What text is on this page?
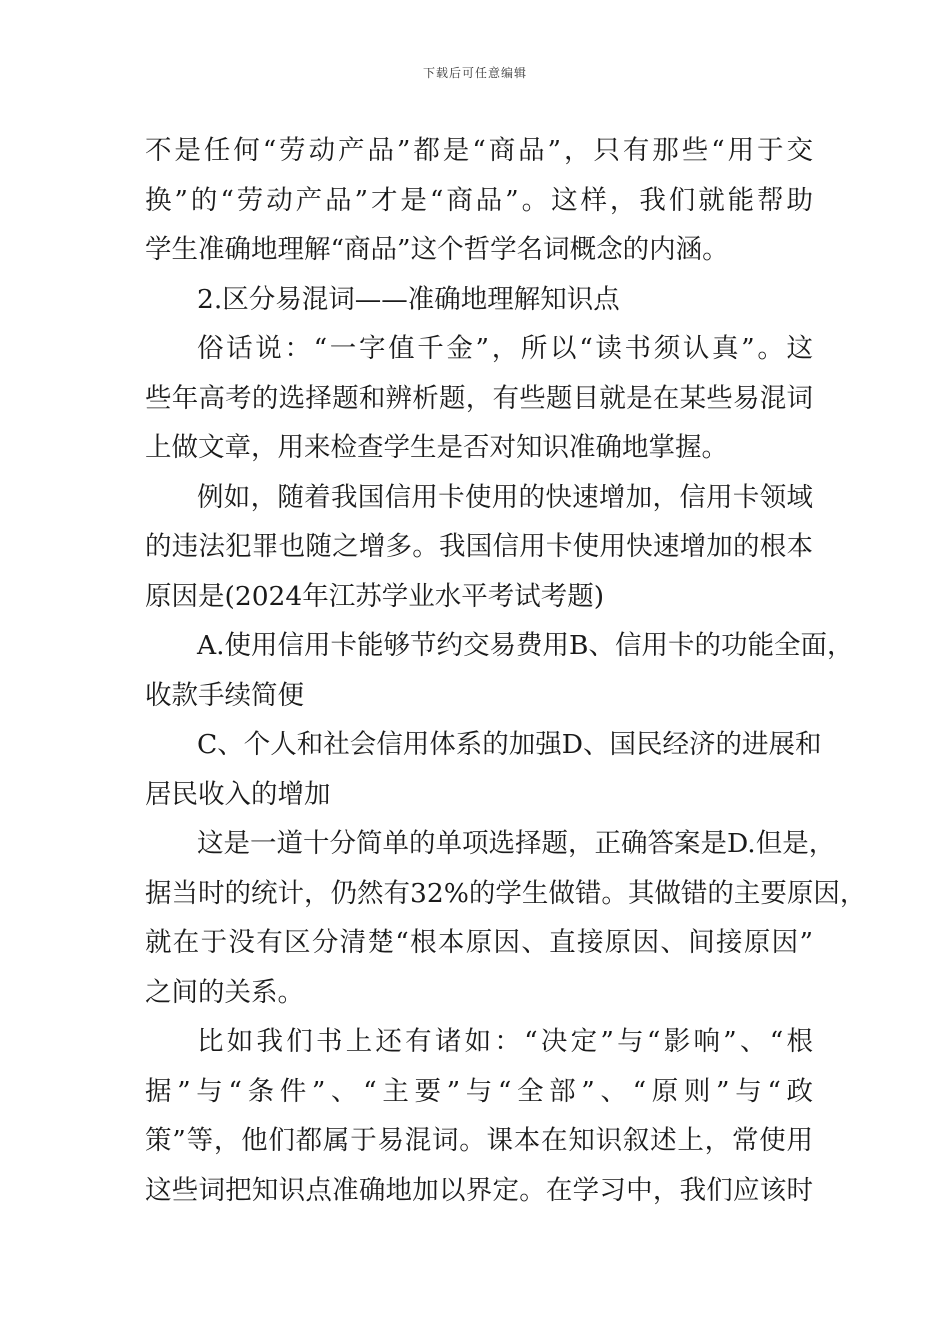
下载后可任意编辑
不是任何“劳动产品”都是“商品”，只有那些“用于交
换”的“劳动产品”才是“商品”。这样，我们就能帮助
学生准确地理解“商品”这个哲学名词概念的内涵。
2.区分易混词——准确地理解知识点
俗话说：“一字值千金”，所以“读书须认真”。这
些年高考的选择题和辨析题，有些题目就是在某些易混词
上做文章，用来检查学生是否对知识准确地掌握。
例如，随着我国信用卡使用的快速增加，信用卡领域
的违法犯罪也随之增多。我国信用卡使用快速增加的根本
原因是(2024年江苏学业水平考试考题)
A.使用信用卡能够节约交易费用B、信用卡的功能全面，
收款手续简便
C、个人和社会信用体系的加强D、国民经济的进展和
居民收入的增加
这是一道十分简单的单项选择题，正确答案是D.但是，
据当时的统计，仍然有32%的学生做错。其做错的主要原因，
就在于没有区分清楚“根本原因、直接原因、间接原因”
之间的关系。
比如我们书上还有诸如：“决定”与“影响”、“根
据”与“条件”、“主要”与“全部”、“原则”与“政
策”等，他们都属于易混词。课本在知识叙述上，常使用
这些词把知识点准确地加以界定。在学习中，我们应该时
